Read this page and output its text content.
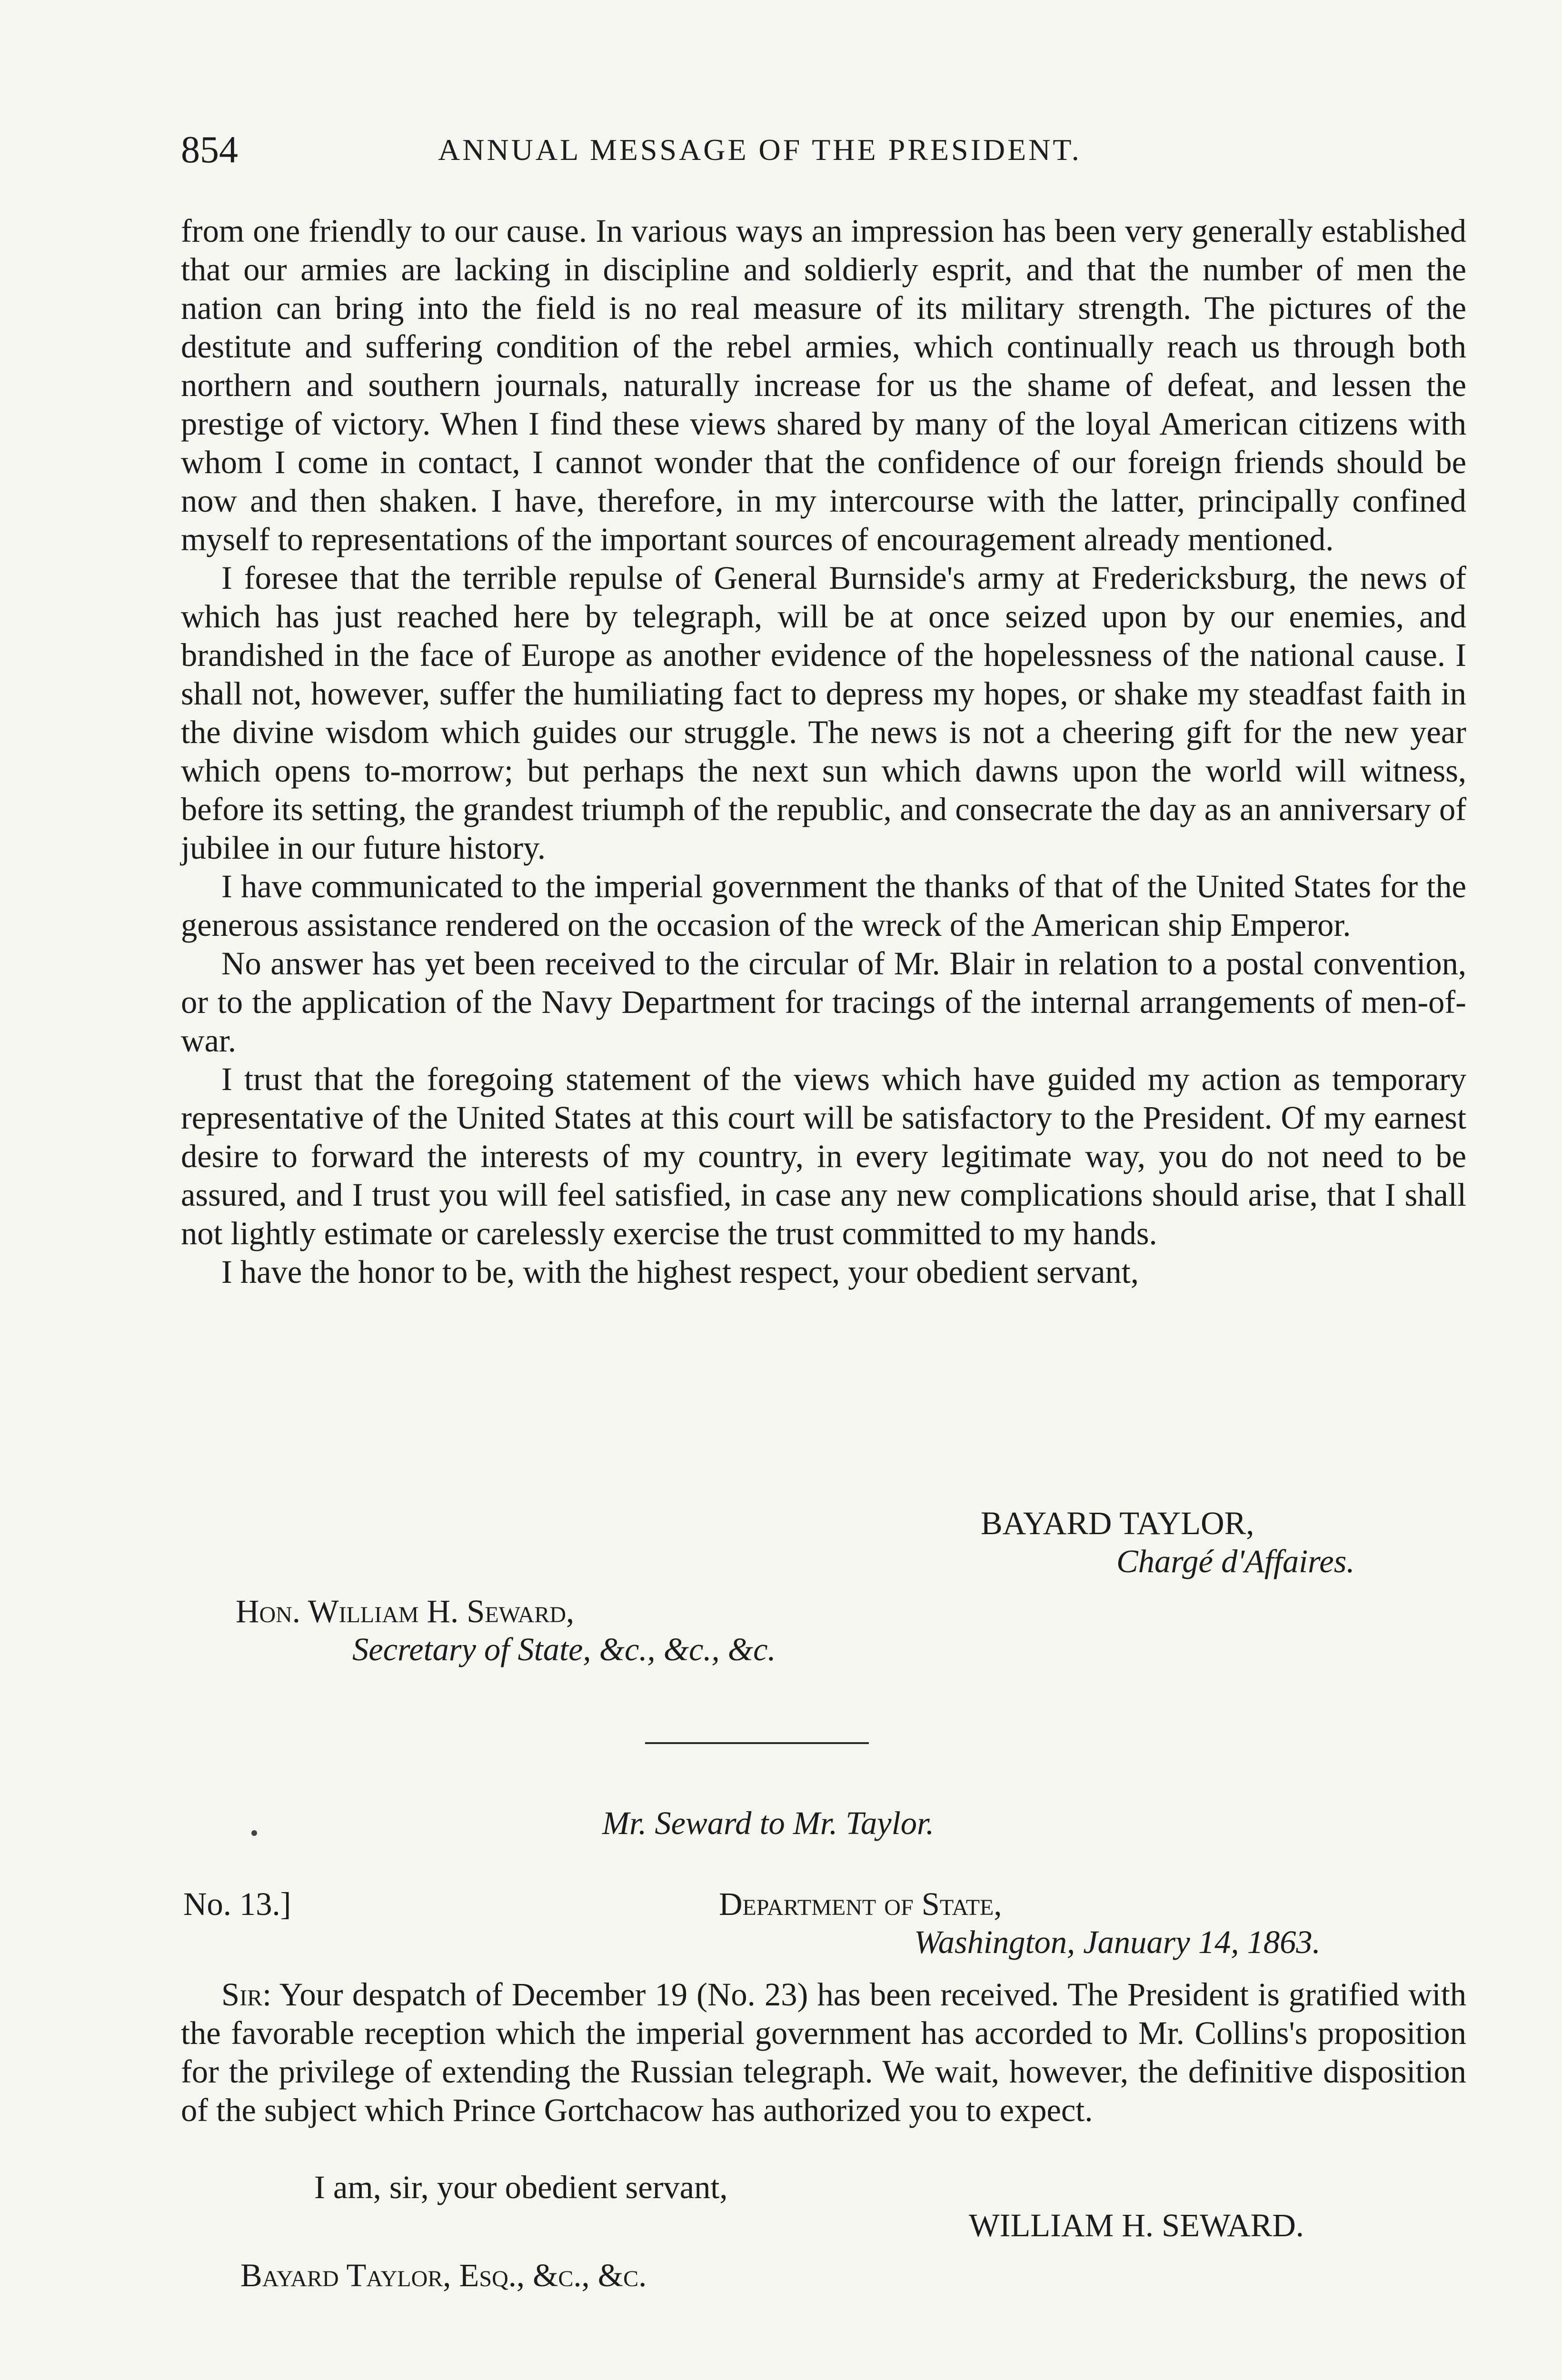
854	ANNUAL MESSAGE OF THE PRESIDENT.

from one friendly to our cause. In various ways an impression has been very generally established that our armies are lacking in discipline and soldierly esprit, and that the number of men the nation can bring into the field is no real measure of its military strength. The pictures of the destitute and suffering condition of the rebel armies, which continually reach us through both northern and southern journals, naturally increase for us the shame of defeat, and lessen the prestige of victory. When I find these views shared by many of the loyal American citizens with whom I come in contact, I cannot wonder that the confidence of our foreign friends should be now and then shaken. I have, therefore, in my intercourse with the latter, principally confined myself to representations of the important sources of encouragement already mentioned.

I foresee that the terrible repulse of General Burnside's army at Fredericksburg, the news of which has just reached here by telegraph, will be at once seized upon by our enemies, and brandished in the face of Europe as another evidence of the hopelessness of the national cause. I shall not, however, suffer the humiliating fact to depress my hopes, or shake my steadfast faith in the divine wisdom which guides our struggle. The news is not a cheering gift for the new year which opens to-morrow; but perhaps the next sun which dawns upon the world will witness, before its setting, the grandest triumph of the republic, and consecrate the day as an anniversary of jubilee in our future history.

I have communicated to the imperial government the thanks of that of the United States for the generous assistance rendered on the occasion of the wreck of the American ship Emperor.

No answer has yet been received to the circular of Mr. Blair in relation to a postal convention, or to the application of the Navy Department for tracings of the internal arrangements of men-of-war.

I trust that the foregoing statement of the views which have guided my action as temporary representative of the United States at this court will be satisfactory to the President. Of my earnest desire to forward the interests of my country, in every legitimate way, you do not need to be assured, and I trust you will feel satisfied, in case any new complications should arise, that I shall not lightly estimate or carelessly exercise the trust committed to my hands.

I have the honor to be, with the highest respect, your obedient servant,

BAYARD TAYLOR,
Chargé d'Affaires.
Hon. William H. Seward,
Secretary of State, &c., &c., &c.
Mr. Seward to Mr. Taylor.
No. 13.]	Department of State,
Washington, January 14, 1863.

Sir: Your despatch of December 19 (No. 23) has been received. The President is gratified with the favorable reception which the imperial government has accorded to Mr. Collins's proposition for the privilege of extending the Russian telegraph. We wait, however, the definitive disposition of the subject which Prince Gortchacow has authorized you to expect.

I am, sir, your obedient servant,
WILLIAM H. SEWARD.
Bayard Taylor, Esq., &c., &c.
